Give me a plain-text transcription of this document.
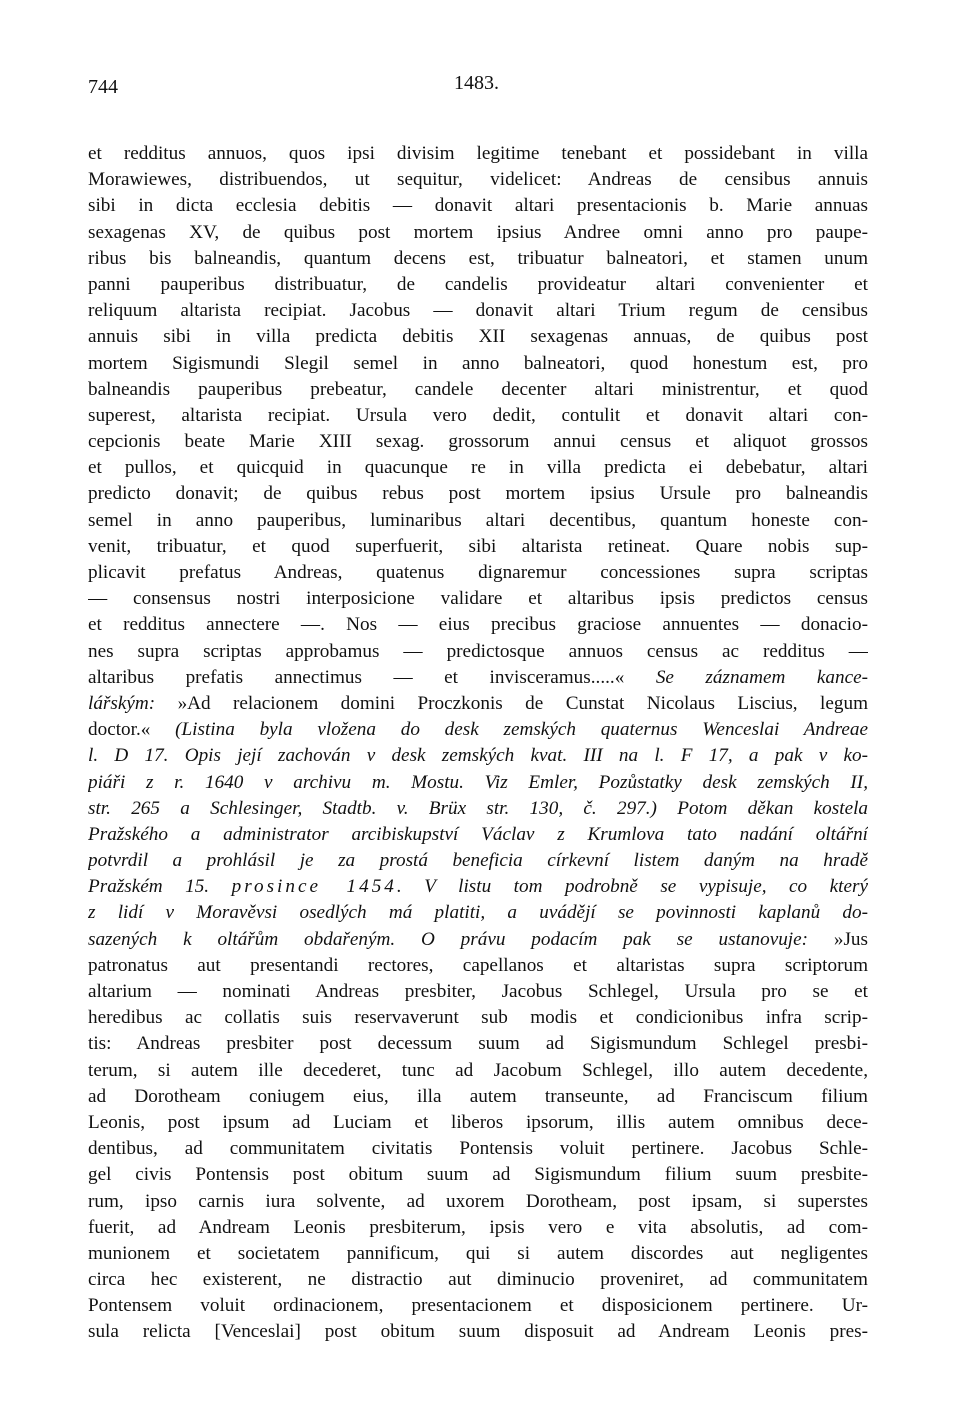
744	1483.
et redditus annuos, quos ipsi divisim legitime tenebant et possidebant in villa
Morawiewes, distribuendos, ut sequitur, videlicet: Andreas de censibus annuis
sibi in dicta ecclesia debitis — donavit altari presentacionis b. Marie annuas
sexagenas XV, de quibus post mortem ipsius Andree omni anno pro paupe-
ribus bis balneandis, quantum decens est, tribuatur balneatori, et stamen unum
panni pauperibus distribuatur, de candelis provideatur altari convenienter et
reliquum altarista recipiat. Jacobus — donavit altari Trium regum de censibus
annuis sibi in villa predicta debitis XII sexagenas annuas, de quibus post
mortem Sigismundi Slegil semel in anno balneatori, quod honestum est, pro
balneandis pauperibus prebeatur, candele decenter altari ministrentur, et quod
superest, altarista recipiat. Ursula vero dedit, contulit et donavit altari con-
cepcionis beate Marie XIII sexag. grossorum annui census et aliquot grossos
et pullos, et quicquid in quacunque re in villa predicta ei debebatur, altari
predicto donavit; de quibus rebus post mortem ipsius Ursule pro balneandis
semel in anno pauperibus, luminaribus altari decentibus, quantum honeste con-
venit, tribuatur, et quod superfuerit, sibi altarista retineat. Quare nobis sup-
plicavit prefatus Andreas, quatenus dignaremur concessiones supra scriptas
— consensus nostri interposicione validare et altaribus ipsis predictos census
et redditus annectere —. Nos — eius precibus graciose annuentes — donacio-
nes supra scriptas approbamus — predictosque annuos census ac redditus —
altaribus prefatis annectimus — et invisceramus.....« Se záznamem kance-
lářským: »Ad relacionem domini Proczkonis de Cunstat Nicolaus Liscius, legum
doctor.« (Listina byla vložena do desk zemských quaternus Wenceslai Andreae
l. D 17. Opis její zachován v desk zemských kvat. III na l. F 17, a pak v ko-
piáři z r. 1640 v archivu m. Mostu. Viz Emler, Pozůstatky desk zemských II,
str. 265 a Schlesinger, Stadtb. v. Brüx str. 130, č. 297.) Potom děkan kostela
Pražského a administrator arcibiskupství Václav z Krumlova tato nadání oltářní
potvrdil a prohlásil je za prostá beneficia církevní listem daným na hradě
Pražském 15. prosince 1454. V listu tom podrobně se vypisuje, co který
z lidí v Moravěvsi osedlých má platiti, a uvádějí se povinnosti kaplanů do-
sazených k oltářům obdařeným. O právu podacím pak se ustanovuje: »Jus
patronatus aut presentandi rectores, capellanos et altaristas supra scriptorum
altarium — nominati Andreas presbiter, Jacobus Schlegel, Ursula pro se et
heredibus ac collatis suis reservaverunt sub modis et condicionibus infra scrip-
tis: Andreas presbiter post decessum suum ad Sigismundum Schlegel presbi-
terum, si autem ille decederet, tunc ad Jacobum Schlegel, illo autem decedente,
ad Dorotheam coniugem eius, illa autem transeunte, ad Franciscum filium
Leonis, post ipsum ad Luciam et liberos ipsorum, illis autem omnibus dece-
dentibus, ad communitatem civitatis Pontensis voluit pertinere. Jacobus Schle-
gel civis Pontensis post obitum suum ad Sigismundum filium suum presbite-
rum, ipso carnis iura solvente, ad uxorem Dorotheam, post ipsam, si superstes
fuerit, ad Andream Leonis presbiterum, ipsis vero e vita absolutis, ad com-
munionem et societatem pannificum, qui si autem discordes aut negligentes
circa hec existerent, ne distractio aut diminucio proveniret, ad communitatem
Pontensem voluit ordinacionem, presentacionem et disposicionem pertinere. Ur-
sula relicta [Venceslai] post obitum suum disposuit ad Andream Leonis pres-
